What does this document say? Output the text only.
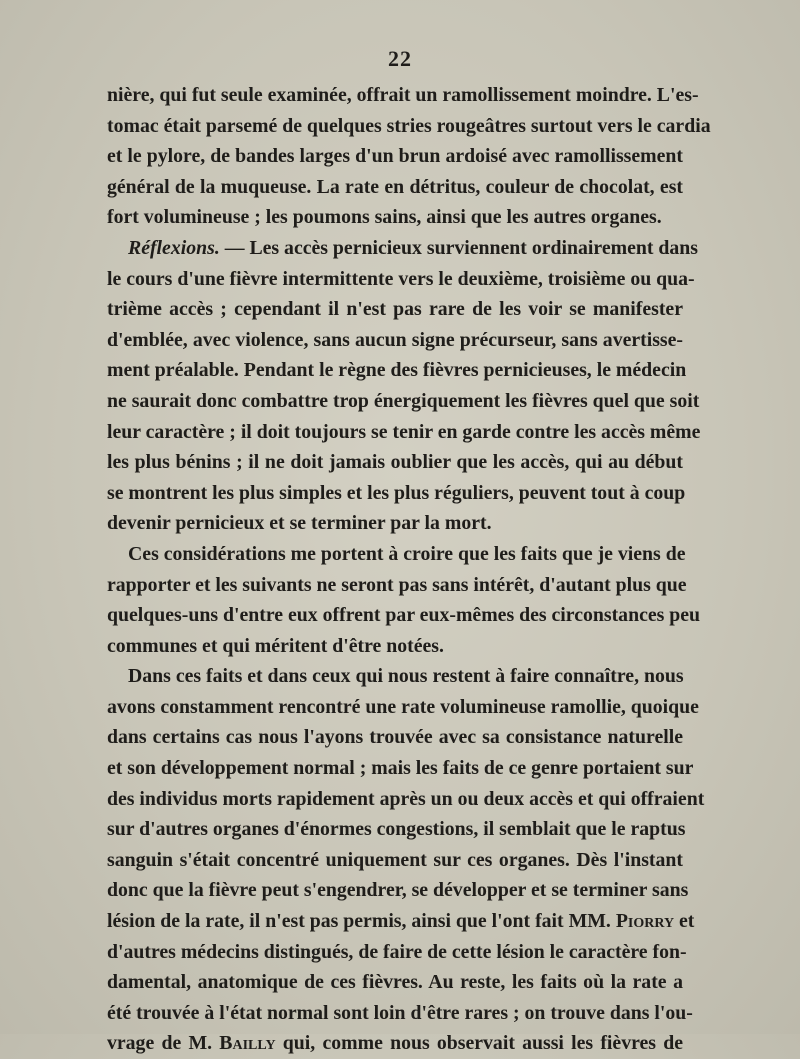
22
nière, qui fut seule examinée, offrait un ramollissement moindre. L'es-
tomac était parsemé de quelques stries rougeâtres surtout vers le cardia
et le pylore, de bandes larges d'un brun ardoisé avec ramollissement
général de la muqueuse. La rate en détritus, couleur de chocolat, est
fort volumineuse ; les poumons sains, ainsi que les autres organes.
Réflexions. — Les accès pernicieux surviennent ordinairement dans
le cours d'une fièvre intermittente vers le deuxième, troisième ou qua-
trième accès ; cependant il n'est pas rare de les voir se manifester
d'emblée, avec violence, sans aucun signe précurseur, sans avertisse-
ment préalable. Pendant le règne des fièvres pernicieuses, le médecin
ne saurait donc combattre trop énergiquement les fièvres quel que soit
leur caractère ; il doit toujours se tenir en garde contre les accès même
les plus bénins ; il ne doit jamais oublier que les accès, qui au début
se montrent les plus simples et les plus réguliers, peuvent tout à coup
devenir pernicieux et se terminer par la mort.
Ces considérations me portent à croire que les faits que je viens de
rapporter et les suivants ne seront pas sans intérêt, d'autant plus que
quelques-uns d'entre eux offrent par eux-mêmes des circonstances peu
communes et qui méritent d'être notées.
Dans ces faits et dans ceux qui nous restent à faire connaître, nous
avons constamment rencontré une rate volumineuse ramollie, quoique
dans certains cas nous l'ayons trouvée avec sa consistance naturelle
et son développement normal ; mais les faits de ce genre portaient sur
des individus morts rapidement après un ou deux accès et qui offraient
sur d'autres organes d'énormes congestions, il semblait que le raptus
sanguin s'était concentré uniquement sur ces organes. Dès l'instant
donc que la fièvre peut s'engendrer, se développer et se terminer sans
lésion de la rate, il n'est pas permis, ainsi que l'ont fait MM. Piorry et
d'autres médecins distingués, de faire de cette lésion le caractère fon-
damental, anatomique de ces fièvres. Au reste, les faits où la rate a
été trouvée à l'état normal sont loin d'être rares ; on trouve dans l'ou-
vrage de M. Bailly qui, comme nous observait aussi les fièvres de
